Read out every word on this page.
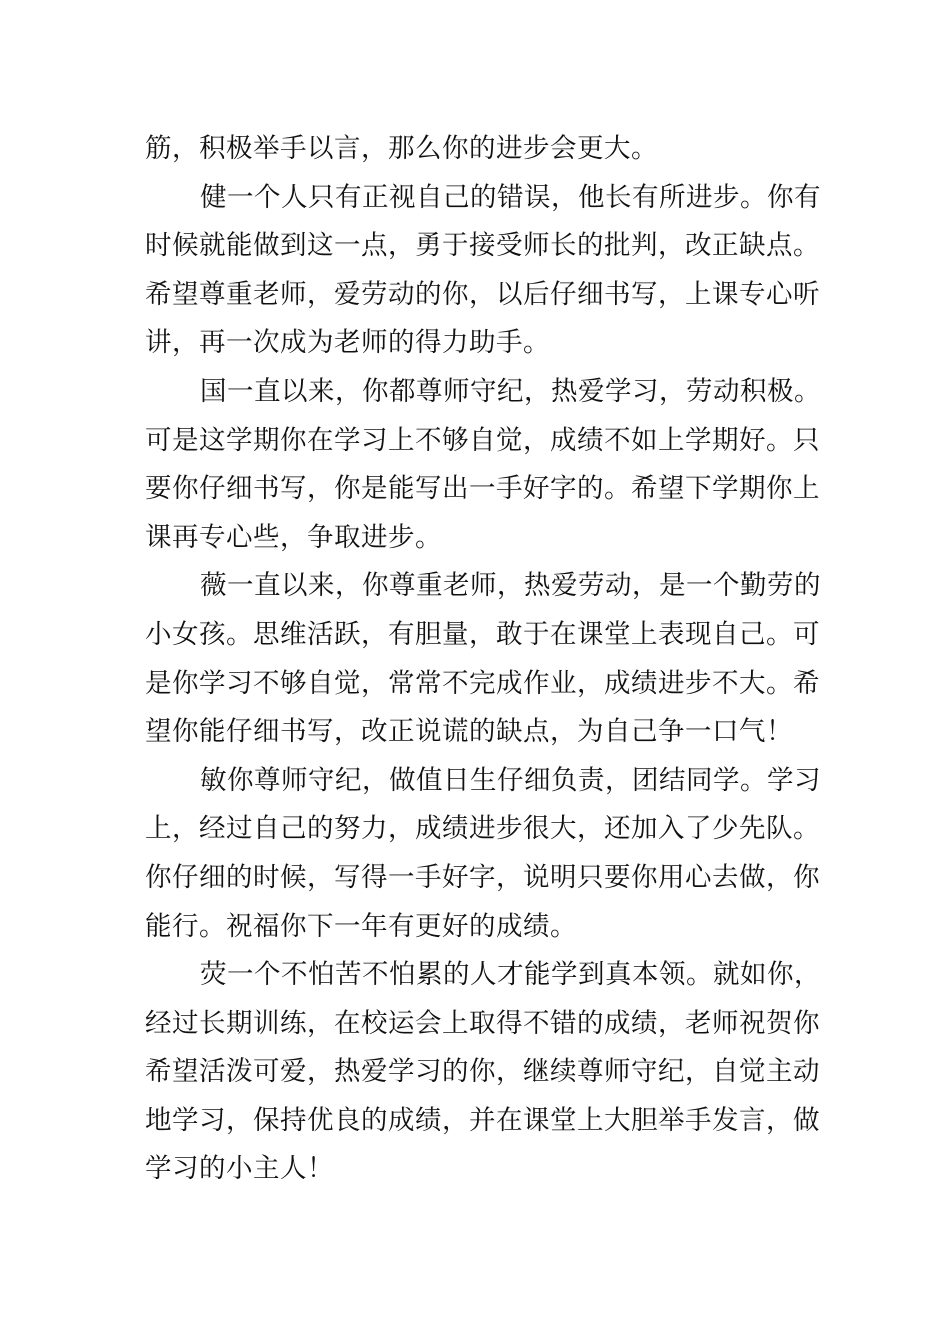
筋，积极举手以言，那么你的进步会更大。
健一个人只有正视自己的错误，他长有所进步。你有
时候就能做到这一点，勇于接受师长的批判，改正缺点。
希望尊重老师，爱劳动的你，以后仔细书写，上课专心听
讲，再一次成为老师的得力助手。
国一直以来，你都尊师守纪，热爱学习，劳动积极。
可是这学期你在学习上不够自觉，成绩不如上学期好。只
要你仔细书写，你是能写出一手好字的。希望下学期你上
课再专心些，争取进步。
薇一直以来，你尊重老师，热爱劳动，是一个勤劳的
小女孩。思维活跃，有胆量，敢于在课堂上表现自己。可
是你学习不够自觉，常常不完成作业，成绩进步不大。希
望你能仔细书写，改正说谎的缺点，为自己争一口气！
敏你尊师守纪，做值日生仔细负责，团结同学。学习
上，经过自己的努力，成绩进步很大，还加入了少先队。
你仔细的时候，写得一手好字，说明只要你用心去做，你
能行。祝福你下一年有更好的成绩。
荧一个不怕苦不怕累的人才能学到真本领。就如你，
经过长期训练，在校运会上取得不错的成绩，老师祝贺你
希望活泼可爱，热爱学习的你，继续尊师守纪，自觉主动
地学习，保持优良的成绩，并在课堂上大胆举手发言，做
学习的小主人！
